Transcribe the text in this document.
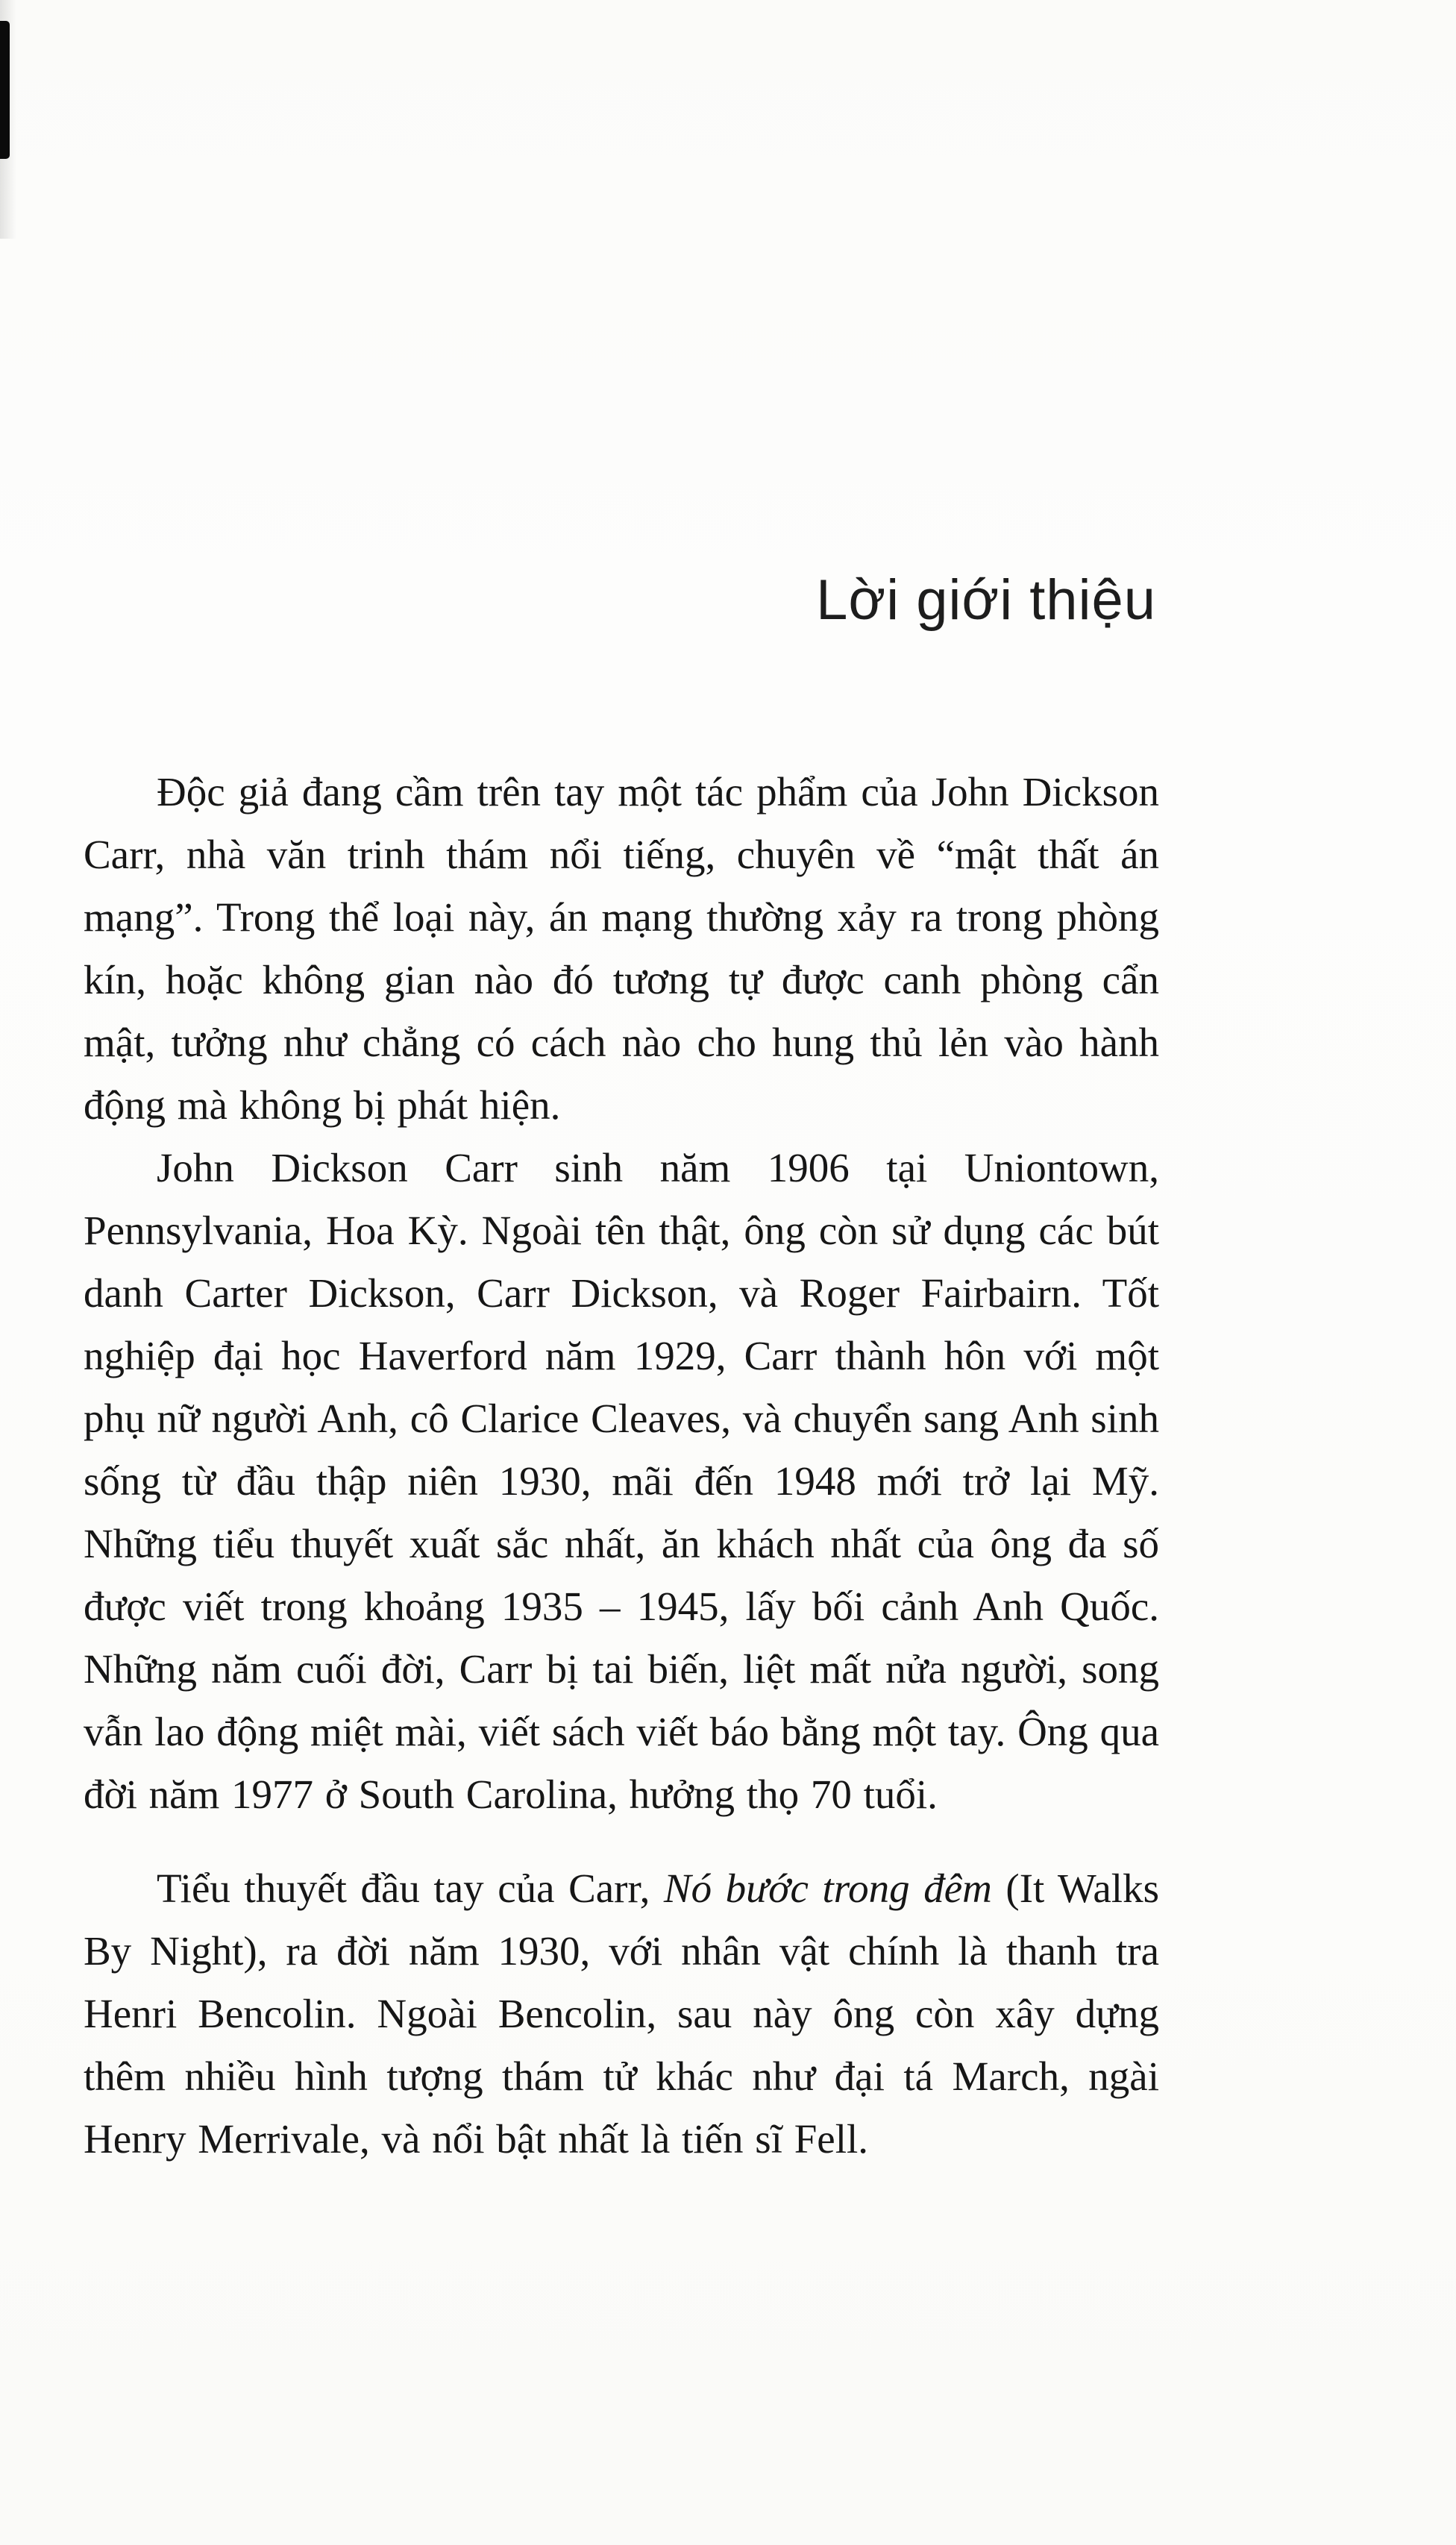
Lời giới thiệu

Độc giả đang cầm trên tay một tác phẩm của John Dickson Carr, nhà văn trinh thám nổi tiếng, chuyên về “mật thất án mạng”. Trong thể loại này, án mạng thường xảy ra trong phòng kín, hoặc không gian nào đó tương tự được canh phòng cẩn mật, tưởng như chẳng có cách nào cho hung thủ lẻn vào hành động mà không bị phát hiện.

John Dickson Carr sinh năm 1906 tại Uniontown, Pennsylvania, Hoa Kỳ. Ngoài tên thật, ông còn sử dụng các bút danh Carter Dickson, Carr Dickson, và Roger Fairbairn. Tốt nghiệp đại học Haverford năm 1929, Carr thành hôn với một phụ nữ người Anh, cô Clarice Cleaves, và chuyển sang Anh sinh sống từ đầu thập niên 1930, mãi đến 1948 mới trở lại Mỹ. Những tiểu thuyết xuất sắc nhất, ăn khách nhất của ông đa số được viết trong khoảng 1935 – 1945, lấy bối cảnh Anh Quốc. Những năm cuối đời, Carr bị tai biến, liệt mất nửa người, song vẫn lao động miệt mài, viết sách viết báo bằng một tay. Ông qua đời năm 1977 ở South Carolina, hưởng thọ 70 tuổi.

Tiểu thuyết đầu tay của Carr, Nó bước trong đêm (It Walks By Night), ra đời năm 1930, với nhân vật chính là thanh tra Henri Bencolin. Ngoài Bencolin, sau này ông còn xây dựng thêm nhiều hình tượng thám tử khác như đại tá March, ngài Henry Merrivale, và nổi bật nhất là tiến sĩ Fell.
